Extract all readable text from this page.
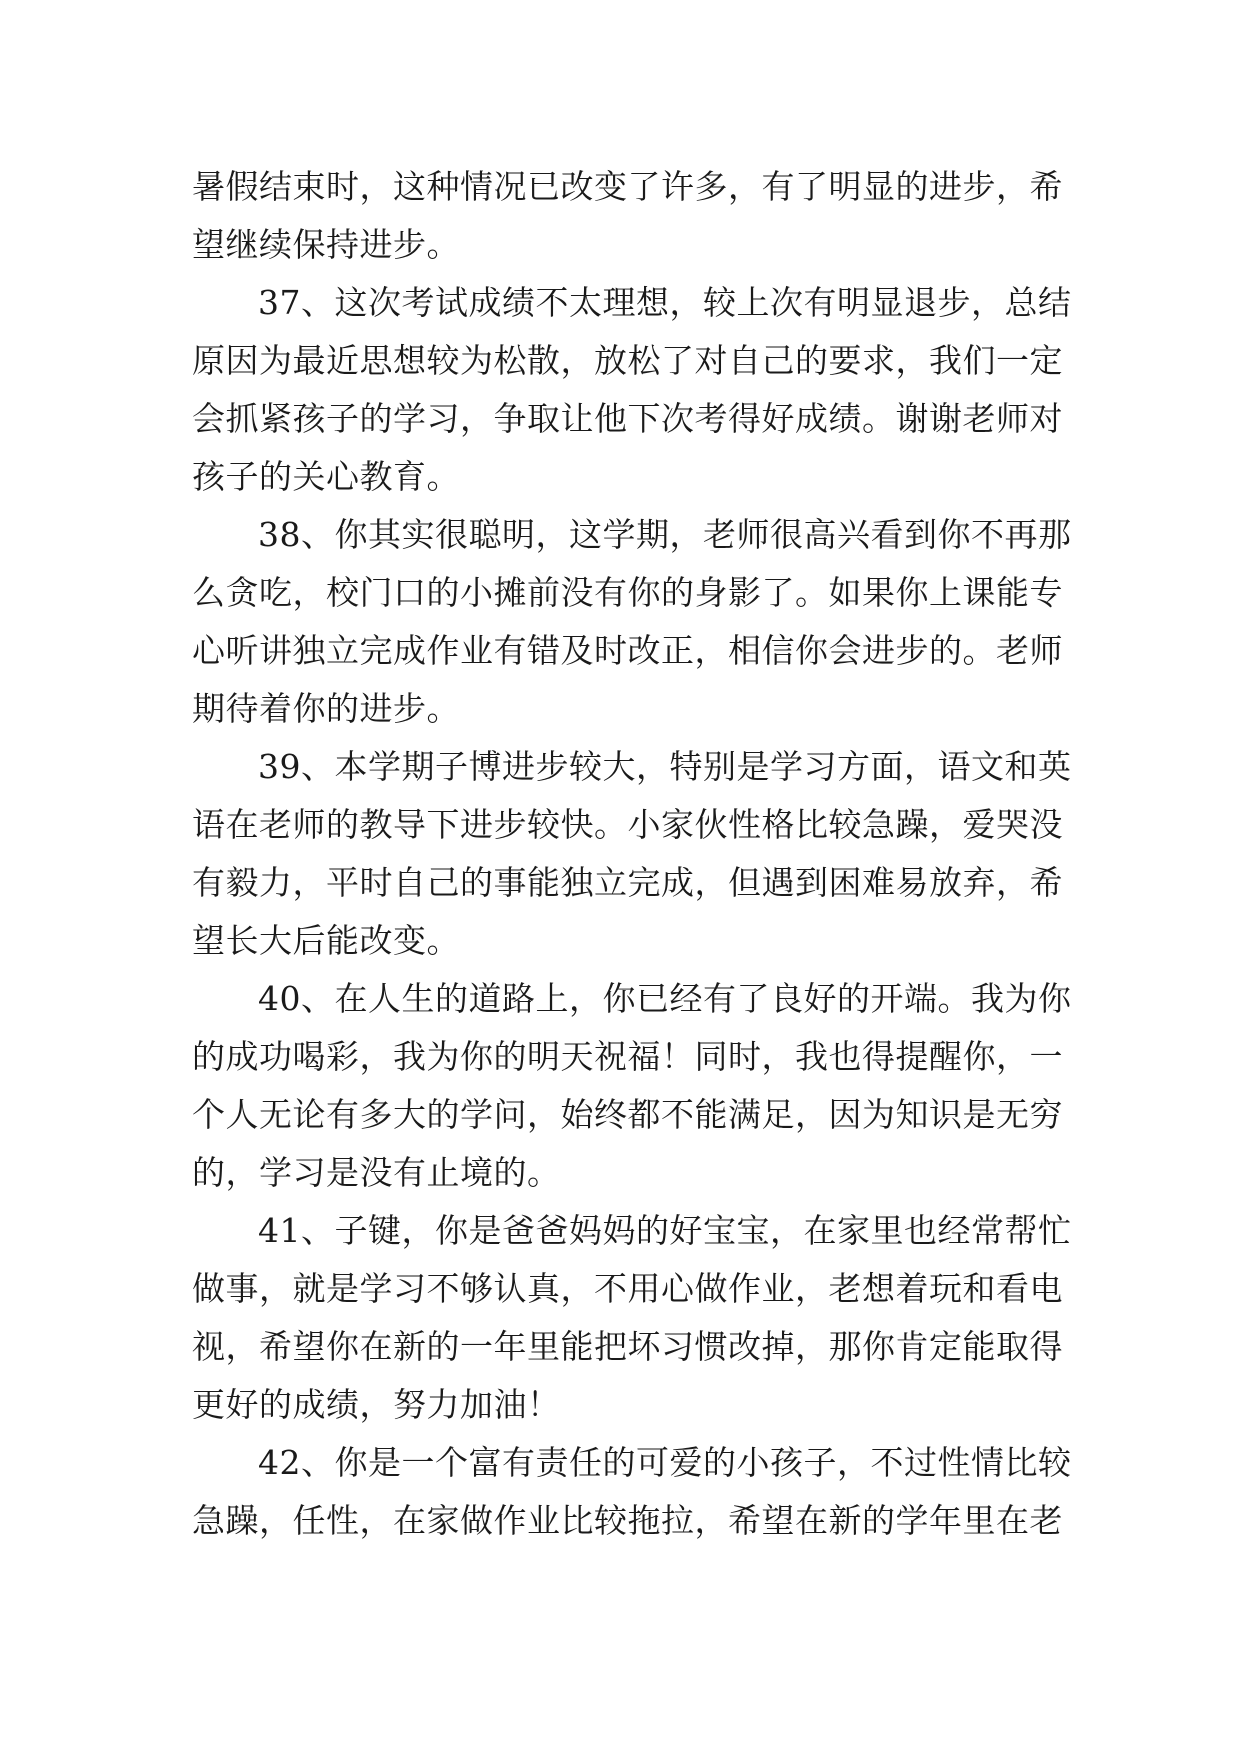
暑假结束时，这种情况已改变了许多，有了明显的进步，希
望继续保持进步。
37、这次考试成绩不太理想，较上次有明显退步，总结
原因为最近思想较为松散，放松了对自己的要求，我们一定
会抓紧孩子的学习，争取让他下次考得好成绩。谢谢老师对
孩子的关心教育。
38、你其实很聪明，这学期，老师很高兴看到你不再那
么贪吃，校门口的小摊前没有你的身影了。如果你上课能专
心听讲独立完成作业有错及时改正，相信你会进步的。老师
期待着你的进步。
39、本学期子博进步较大，特别是学习方面，语文和英
语在老师的教导下进步较快。小家伙性格比较急躁，爱哭没
有毅力，平时自己的事能独立完成，但遇到困难易放弃，希
望长大后能改变。
40、在人生的道路上，你已经有了良好的开端。我为你
的成功喝彩，我为你的明天祝福！同时，我也得提醒你，一
个人无论有多大的学问，始终都不能满足，因为知识是无穷
的，学习是没有止境的。
41、子键，你是爸爸妈妈的好宝宝，在家里也经常帮忙
做事，就是学习不够认真，不用心做作业，老想着玩和看电
视，希望你在新的一年里能把坏习惯改掉，那你肯定能取得
更好的成绩，努力加油！
42、你是一个富有责任的可爱的小孩子，不过性情比较
急躁，任性，在家做作业比较拖拉，希望在新的学年里在老
